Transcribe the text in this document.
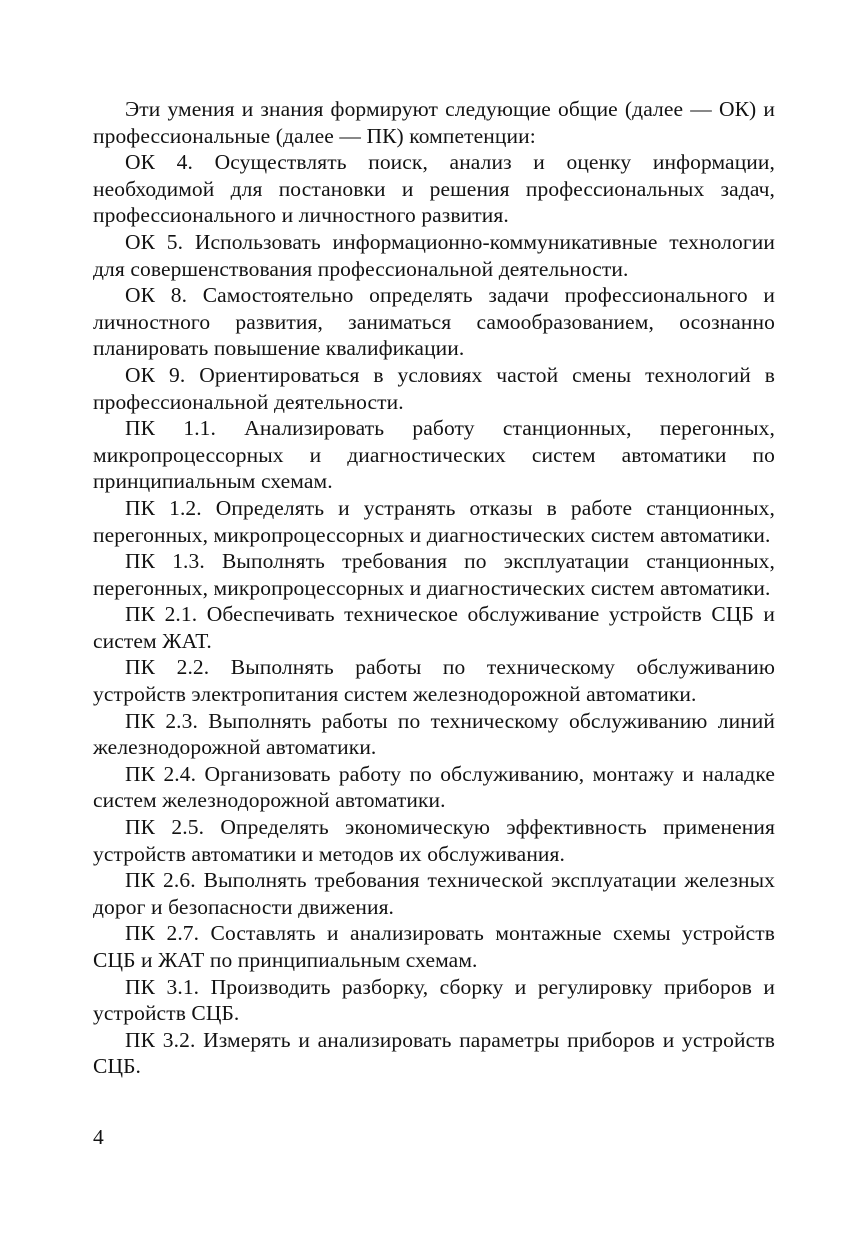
Эти умения и знания формируют следующие общие (далее — ОК) и профессиональные (далее — ПК) компетенции:

ОК 4. Осуществлять поиск, анализ и оценку информации, необходимой для постановки и решения профессиональных задач, профессионального и личностного развития.

ОК 5. Использовать информационно-коммуникативные технологии для совершенствования профессиональной деятельности.

ОК 8. Самостоятельно определять задачи профессионального и личностного развития, заниматься самообразованием, осознанно планировать повышение квалификации.

ОК 9. Ориентироваться в условиях частой смены технологий в профессиональной деятельности.

ПК 1.1. Анализировать работу станционных, перегонных, микропроцессорных и диагностических систем автоматики по принципиальным схемам.

ПК 1.2. Определять и устранять отказы в работе станционных, перегонных, микропроцессорных и диагностических систем автоматики.

ПК 1.3. Выполнять требования по эксплуатации станционных, перегонных, микропроцессорных и диагностических систем автоматики.

ПК 2.1. Обеспечивать техническое обслуживание устройств СЦБ и систем ЖАТ.

ПК 2.2. Выполнять работы по техническому обслуживанию устройств электропитания систем железнодорожной автоматики.

ПК 2.3. Выполнять работы по техническому обслуживанию линий железнодорожной автоматики.

ПК 2.4. Организовать работу по обслуживанию, монтажу и наладке систем железнодорожной автоматики.

ПК 2.5. Определять экономическую эффективность применения устройств автоматики и методов их обслуживания.

ПК 2.6. Выполнять требования технической эксплуатации железных дорог и безопасности движения.

ПК 2.7. Составлять и анализировать монтажные схемы устройств СЦБ и ЖАТ по принципиальным схемам.

ПК 3.1. Производить разборку, сборку и регулировку приборов и устройств СЦБ.

ПК 3.2. Измерять и анализировать параметры приборов и устройств СЦБ.

4
